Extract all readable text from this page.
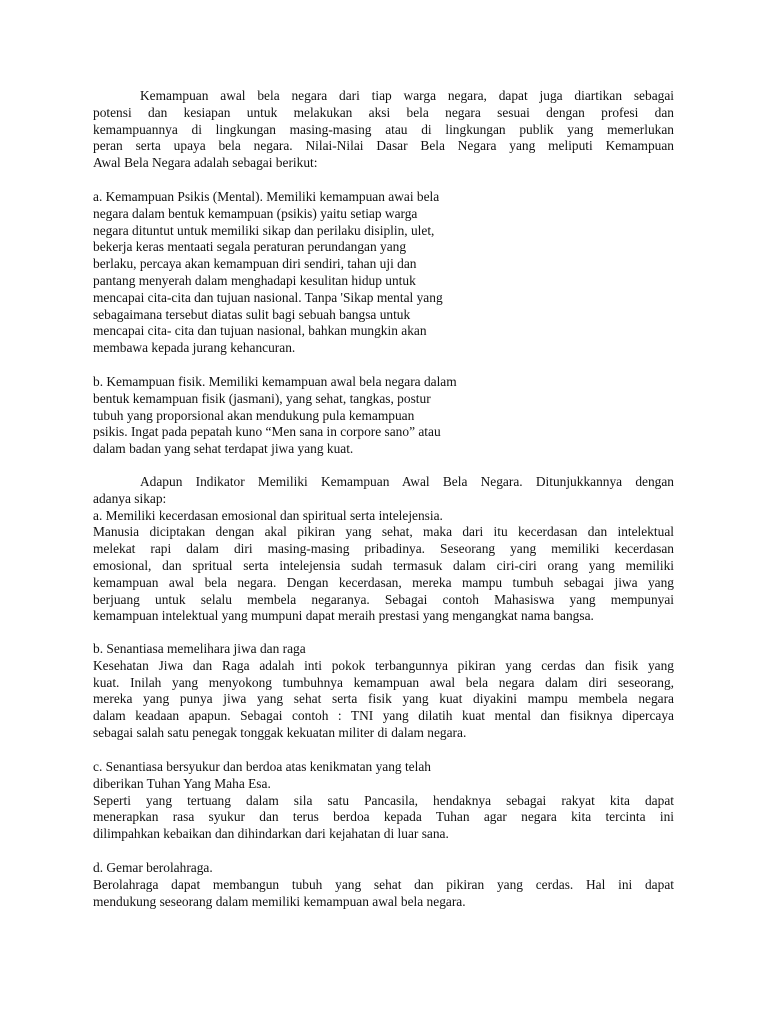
Kemampuan awal bela negara dari tiap warga negara, dapat juga diartikan sebagai
potensi dan kesiapan untuk melakukan aksi bela negara sesuai dengan profesi dan
kemampuannya di lingkungan masing-masing atau di lingkungan publik yang memerlukan
peran serta upaya bela negara. Nilai-Nilai Dasar Bela Negara yang meliputi Kemampuan
Awal Bela Negara adalah sebagai berikut:
a. Kemampuan Psikis (Mental). Memiliki kemampuan awai bela
negara dalam bentuk kemampuan (psikis) yaitu setiap warga
negara dituntut untuk memiliki sikap dan perilaku disiplin, ulet,
bekerja keras mentaati segala peraturan perundangan yang
berlaku, percaya akan kemampuan diri sendiri, tahan uji dan
pantang menyerah dalam menghadapi kesulitan hidup untuk
mencapai cita-cita dan tujuan nasional. Tanpa 'Sikap mental yang
sebagaimana tersebut diatas sulit bagi sebuah bangsa untuk
mencapai cita- cita dan tujuan nasional, bahkan mungkin akan
membawa kepada jurang kehancuran.
b. Kemampuan fisik. Memiliki kemampuan awal bela negara dalam
bentuk kemampuan fisik (jasmani), yang sehat, tangkas, postur
tubuh yang proporsional akan mendukung pula kemampuan
psikis. Ingat pada pepatah kuno “Men sana in corpore sano” atau
dalam badan yang sehat terdapat jiwa yang kuat.
Adapun Indikator Memiliki Kemampuan Awal Bela Negara. Ditunjukkannya dengan
adanya sikap:
a. Memiliki kecerdasan emosional dan spiritual serta intelejensia.
Manusia diciptakan dengan akal pikiran yang sehat, maka dari itu kecerdasan dan intelektual
melekat rapi dalam diri masing-masing pribadinya. Seseorang yang memiliki kecerdasan
emosional, dan spritual serta intelejensia sudah termasuk dalam ciri-ciri orang yang memiliki
kemampuan awal bela negara. Dengan kecerdasan, mereka mampu tumbuh sebagai jiwa yang
berjuang untuk selalu membela negaranya. Sebagai contoh Mahasiswa yang mempunyai
kemampuan intelektual yang mumpuni dapat meraih prestasi yang mengangkat nama bangsa.
b. Senantiasa memelihara jiwa dan raga
Kesehatan Jiwa dan Raga adalah inti pokok terbangunnya pikiran yang cerdas dan fisik yang
kuat. Inilah yang menyokong tumbuhnya kemampuan awal bela negara dalam diri seseorang,
mereka yang punya jiwa yang sehat serta fisik yang kuat diyakini mampu membela negara
dalam keadaan apapun. Sebagai contoh : TNI yang dilatih kuat mental dan fisiknya dipercaya
sebagai salah satu penegak tonggak kekuatan militer di dalam negara.
c. Senantiasa bersyukur dan berdoa atas kenikmatan yang telah
diberikan Tuhan Yang Maha Esa.
Seperti yang tertuang dalam sila satu Pancasila, hendaknya sebagai rakyat kita dapat
menerapkan rasa syukur dan terus berdoa kepada Tuhan agar negara kita tercinta ini
dilimpahkan kebaikan dan dihindarkan dari kejahatan di luar sana.
d. Gemar berolahraga.
Berolahraga dapat membangun tubuh yang sehat dan pikiran yang cerdas. Hal ini dapat
mendukung seseorang dalam memiliki kemampuan awal bela negara.
